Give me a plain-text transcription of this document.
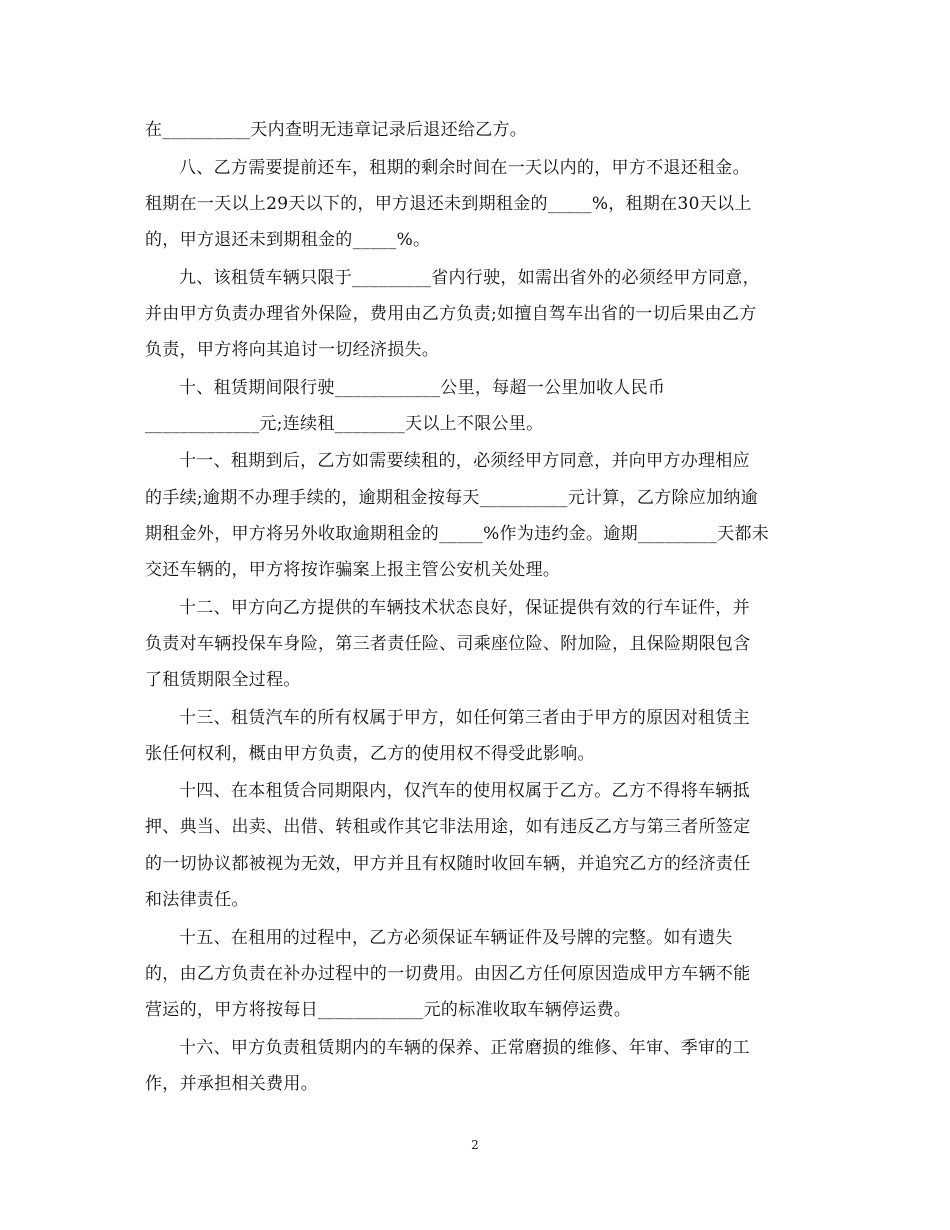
在__________天内查明无违章记录后退还给乙方。
八、乙方需要提前还车，租期的剩余时间在一天以内的，甲方不退还租金。
租期在一天以上29天以下的，甲方退还未到期租金的_____%，租期在30天以上
的，甲方退还未到期租金的_____%。
九、该租赁车辆只限于_________省内行驶，如需出省外的必须经甲方同意，
并由甲方负责办理省外保险，费用由乙方负责;如擅自驾车出省的一切后果由乙方
负责，甲方将向其追讨一切经济损失。
十、租赁期间限行驶____________公里，每超一公里加收人民币
_____________元;连续租________天以上不限公里。
十一、租期到后，乙方如需要续租的，必须经甲方同意，并向甲方办理相应
的手续;逾期不办理手续的，逾期租金按每天__________元计算，乙方除应加纳逾
期租金外，甲方将另外收取逾期租金的_____%作为违约金。逾期_________天都未
交还车辆的，甲方将按诈骗案上报主管公安机关处理。
十二、甲方向乙方提供的车辆技术状态良好，保证提供有效的行车证件，并
负责对车辆投保车身险，第三者责任险、司乘座位险、附加险，且保险期限包含
了租赁期限全过程。
十三、租赁汽车的所有权属于甲方，如任何第三者由于甲方的原因对租赁主
张任何权利，概由甲方负责，乙方的使用权不得受此影响。
十四、在本租赁合同期限内，仅汽车的使用权属于乙方。乙方不得将车辆抵
押、典当、出卖、出借、转租或作其它非法用途，如有违反乙方与第三者所签定
的一切协议都被视为无效，甲方并且有权随时收回车辆，并追究乙方的经济责任
和法律责任。
十五、在租用的过程中，乙方必须保证车辆证件及号牌的完整。如有遗失
的，由乙方负责在补办过程中的一切费用。由因乙方任何原因造成甲方车辆不能
营运的，甲方将按每日____________元的标准收取车辆停运费。
十六、甲方负责租赁期内的车辆的保养、正常磨损的维修、年审、季审的工
作，并承担相关费用。
2
